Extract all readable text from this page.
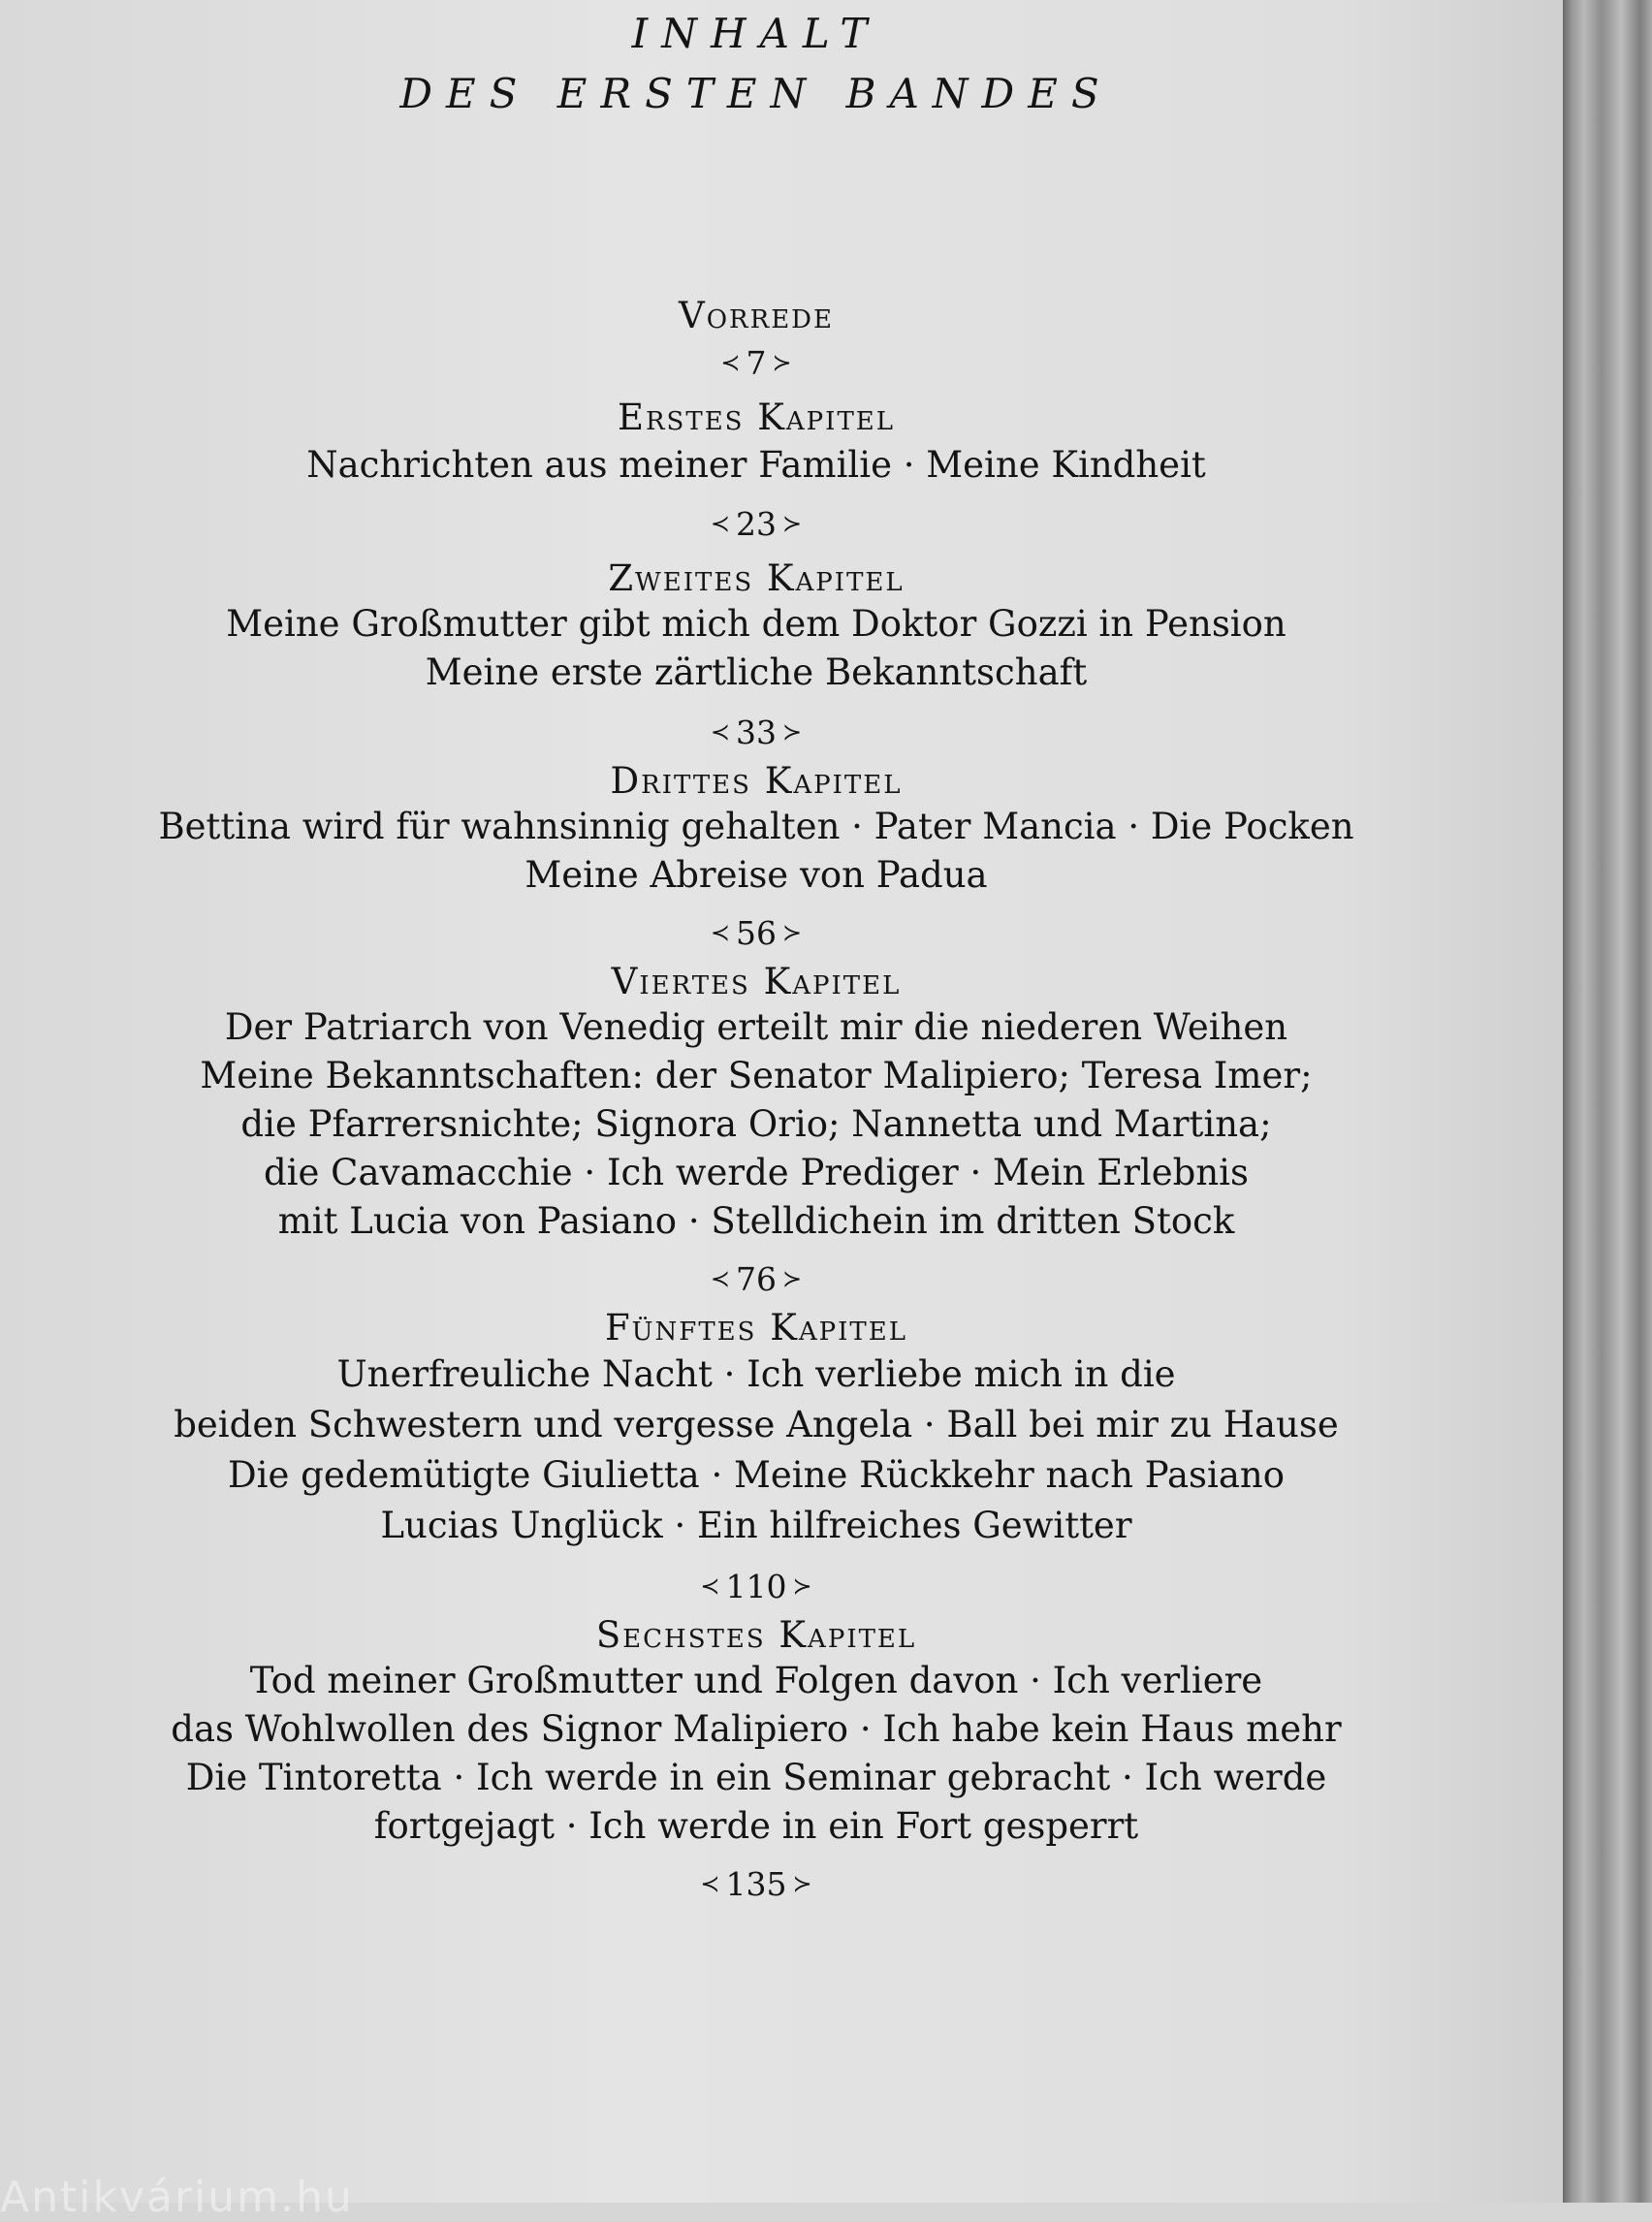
INHALT
DES ERSTEN BANDES
Vorrede
≺ 7 ≻
Erstes Kapitel
Nachrichten aus meiner Familie · Meine Kindheit
≺ 23 ≻
Zweites Kapitel
Meine Großmutter gibt mich dem Doktor Gozzi in Pension
Meine erste zärtliche Bekanntschaft
≺ 33 ≻
Drittes Kapitel
Bettina wird für wahnsinnig gehalten · Pater Mancia · Die Pocken
Meine Abreise von Padua
≺ 56 ≻
Viertes Kapitel
Der Patriarch von Venedig erteilt mir die niederen Weihen
Meine Bekanntschaften: der Senator Malipiero; Teresa Imer;
die Pfarrersnichte; Signora Orio; Nannetta und Martina;
die Cavamacchie · Ich werde Prediger · Mein Erlebnis
mit Lucia von Pasiano · Stelldichein im dritten Stock
≺ 76 ≻
Fünftes Kapitel
Unerfreuliche Nacht · Ich verliebe mich in die
beiden Schwestern und vergesse Angela · Ball bei mir zu Hause
Die gedemütigte Giulietta · Meine Rückkehr nach Pasiano
Lucias Unglück · Ein hilfreiches Gewitter
≺ 110 ≻
Sechstes Kapitel
Tod meiner Großmutter und Folgen davon · Ich verliere
das Wohlwollen des Signor Malipiero · Ich habe kein Haus mehr
Die Tintoretta · Ich werde in ein Seminar gebracht · Ich werde
fortgejagt · Ich werde in ein Fort gesperrt
≺ 135 ≻
Antikvárium.hu
